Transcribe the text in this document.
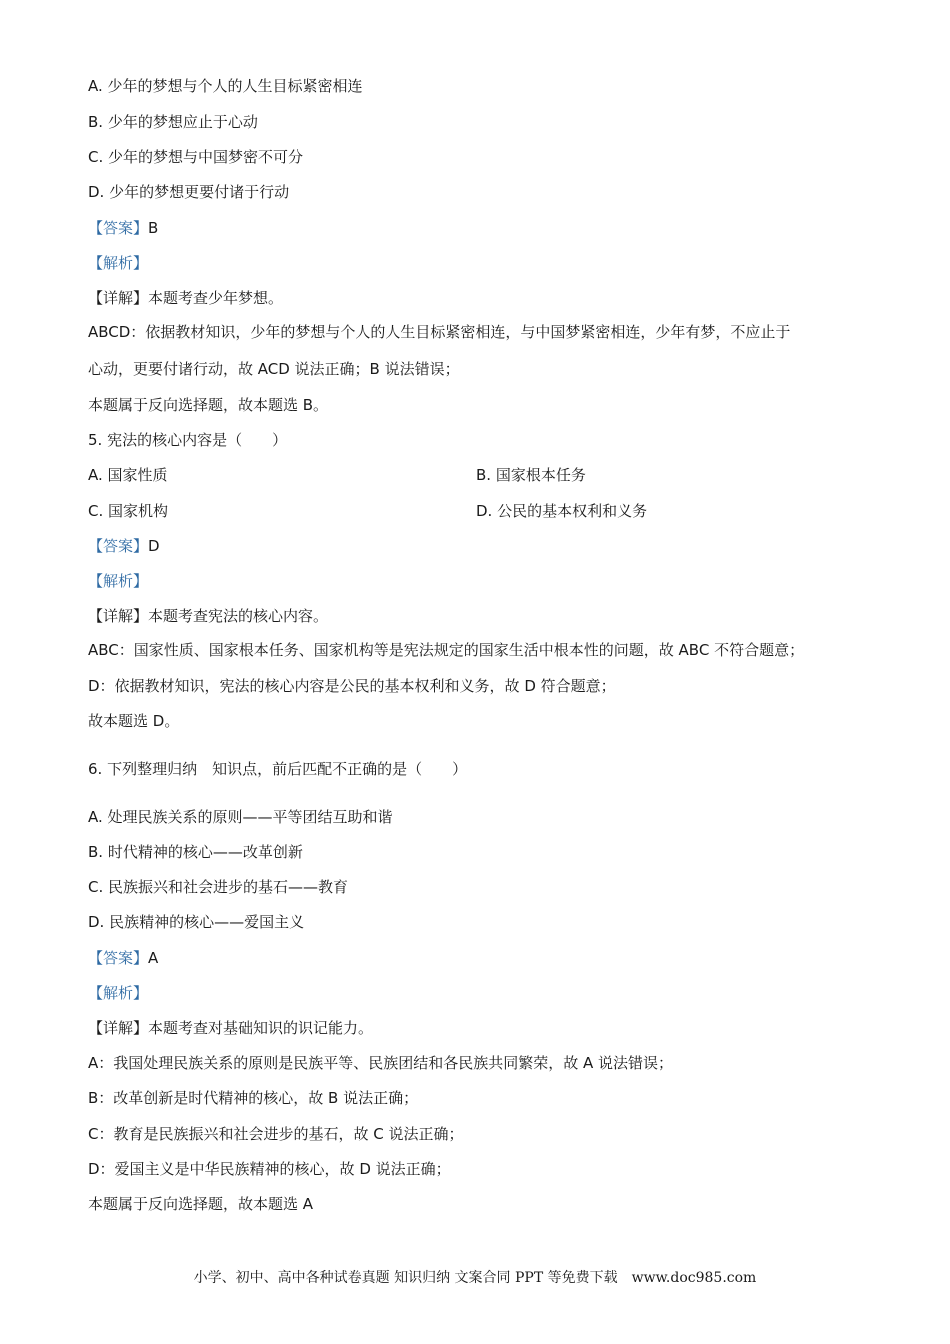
A. 少年的梦想与个人的人生目标紧密相连
B. 少年的梦想应止于心动
C. 少年的梦想与中国梦密不可分
D. 少年的梦想更要付诸于行动
【答案】B
【解析】
【详解】本题考查少年梦想。
ABCD：依据教材知识，少年的梦想与个人的人生目标紧密相连，与中国梦紧密相连，少年有梦，不应止于
心动，更要付诸行动，故 ACD 说法正确；B 说法错误；
本题属于反向选择题，故本题选 B。
5. 宪法的核心内容是（　　）
A. 国家性质	B. 国家根本任务
C. 国家机构	D. 公民的基本权利和义务
【答案】D
【解析】
【详解】本题考查宪法的核心内容。
ABC：国家性质、国家根本任务、国家机构等是宪法规定的国家生活中根本性的问题，故 ABC 不符合题意；
D：依据教材知识，宪法的核心内容是公民的基本权利和义务，故 D 符合题意；
故本题选 D。
6. 下列整理归纳　知识点，前后匹配不正确的是（　　）
A. 处理民族关系的原则——平等团结互助和谐
B. 时代精神的核心——改革创新
C. 民族振兴和社会进步的基石——教育
D. 民族精神的核心——爱国主义
【答案】A
【解析】
【详解】本题考查对基础知识的识记能力。
A：我国处理民族关系的原则是民族平等、民族团结和各民族共同繁荣，故 A 说法错误；
B：改革创新是时代精神的核心，故 B 说法正确；
C：教育是民族振兴和社会进步的基石，故 C 说法正确；
D：爱国主义是中华民族精神的核心，故 D 说法正确；
本题属于反向选择题，故本题选 A
小学、初中、高中各种试卷真题 知识归纳 文案合同 PPT 等免费下载　www.doc985.com
